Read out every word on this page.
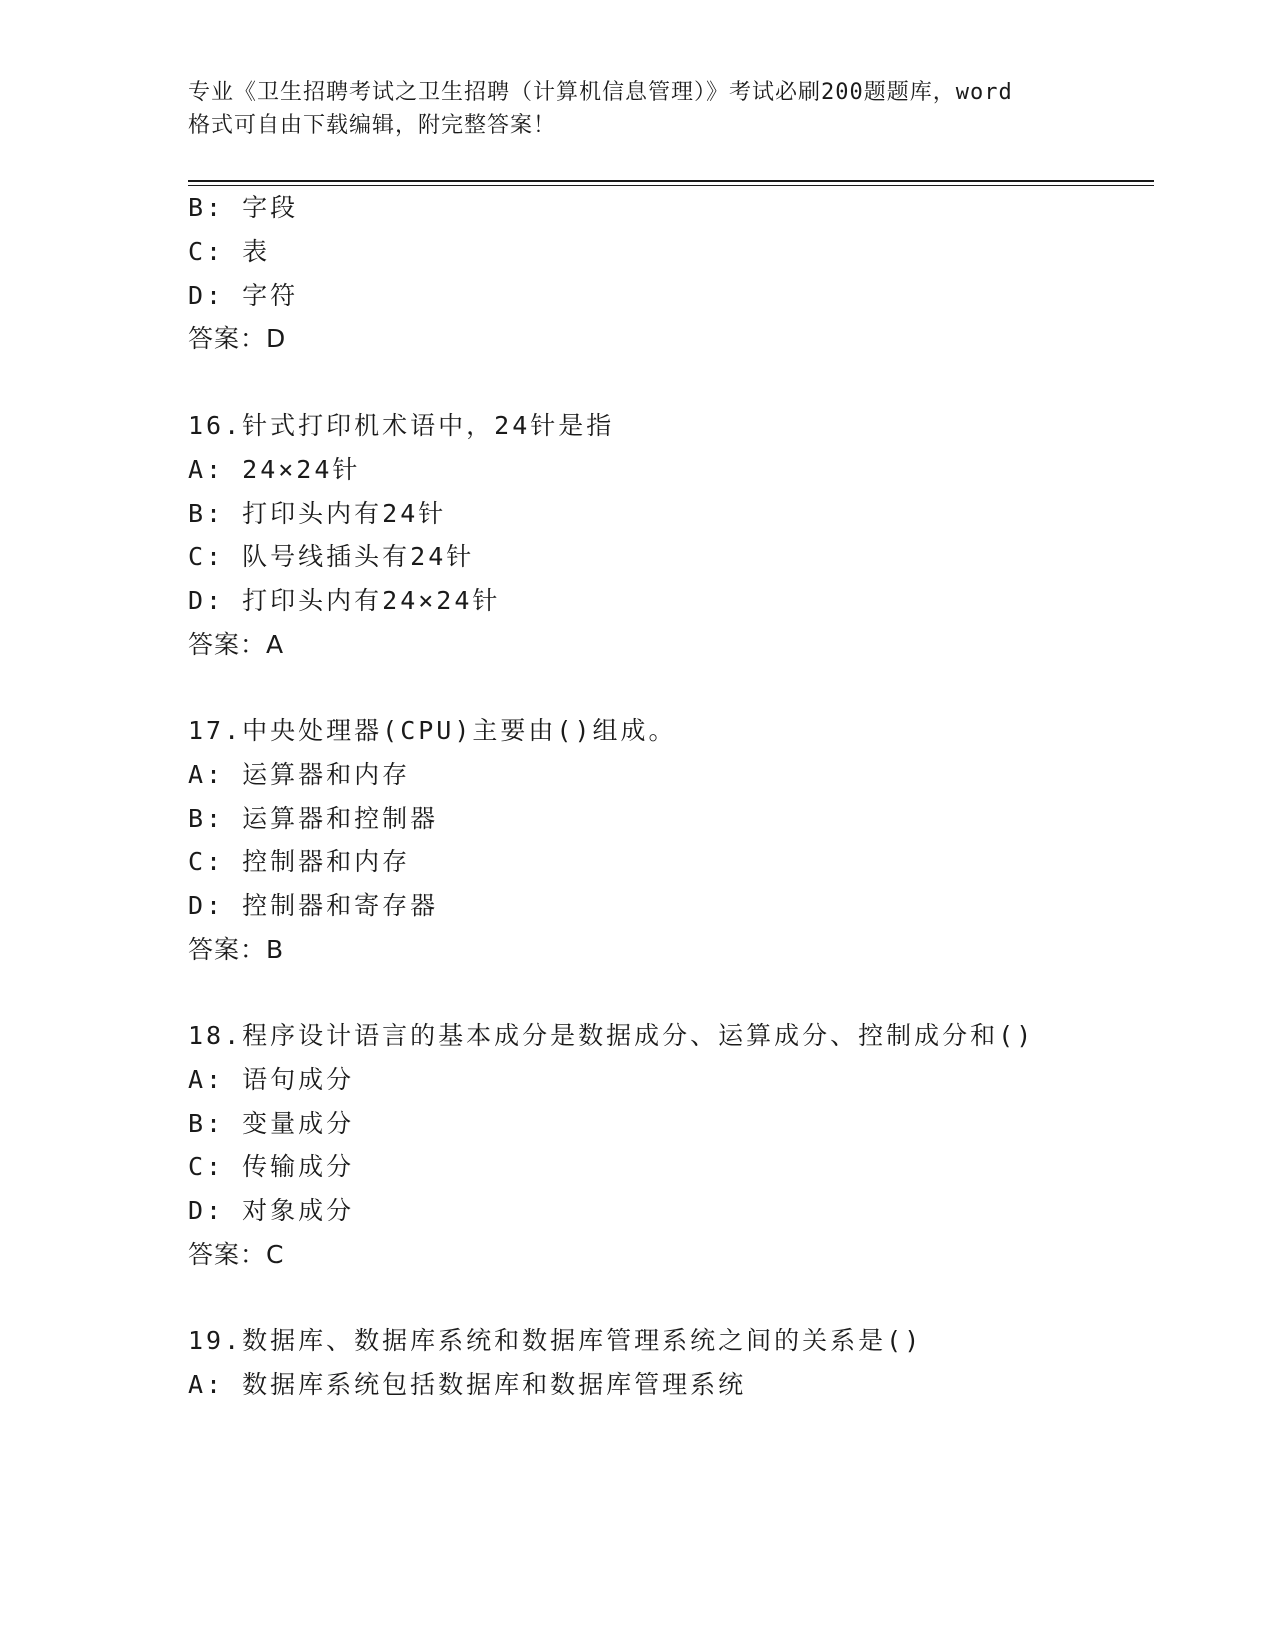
专业《卫生招聘考试之卫生招聘（计算机信息管理）》考试必刷200题题库，word
格式可自由下载编辑，附完整答案！
B: 字段
C: 表
D: 字符
答案：D
16.针式打印机术语中，24针是指
A: 24×24针
B: 打印头内有24针
C: 队号线插头有24针
D: 打印头内有24×24针
答案：A
17.中央处理器(CPU)主要由()组成。
A: 运算器和内存
B: 运算器和控制器
C: 控制器和内存
D: 控制器和寄存器
答案：B
18.程序设计语言的基本成分是数据成分、运算成分、控制成分和()
A: 语句成分
B: 变量成分
C: 传输成分
D: 对象成分
答案：C
19.数据库、数据库系统和数据库管理系统之间的关系是()
A: 数据库系统包括数据库和数据库管理系统
